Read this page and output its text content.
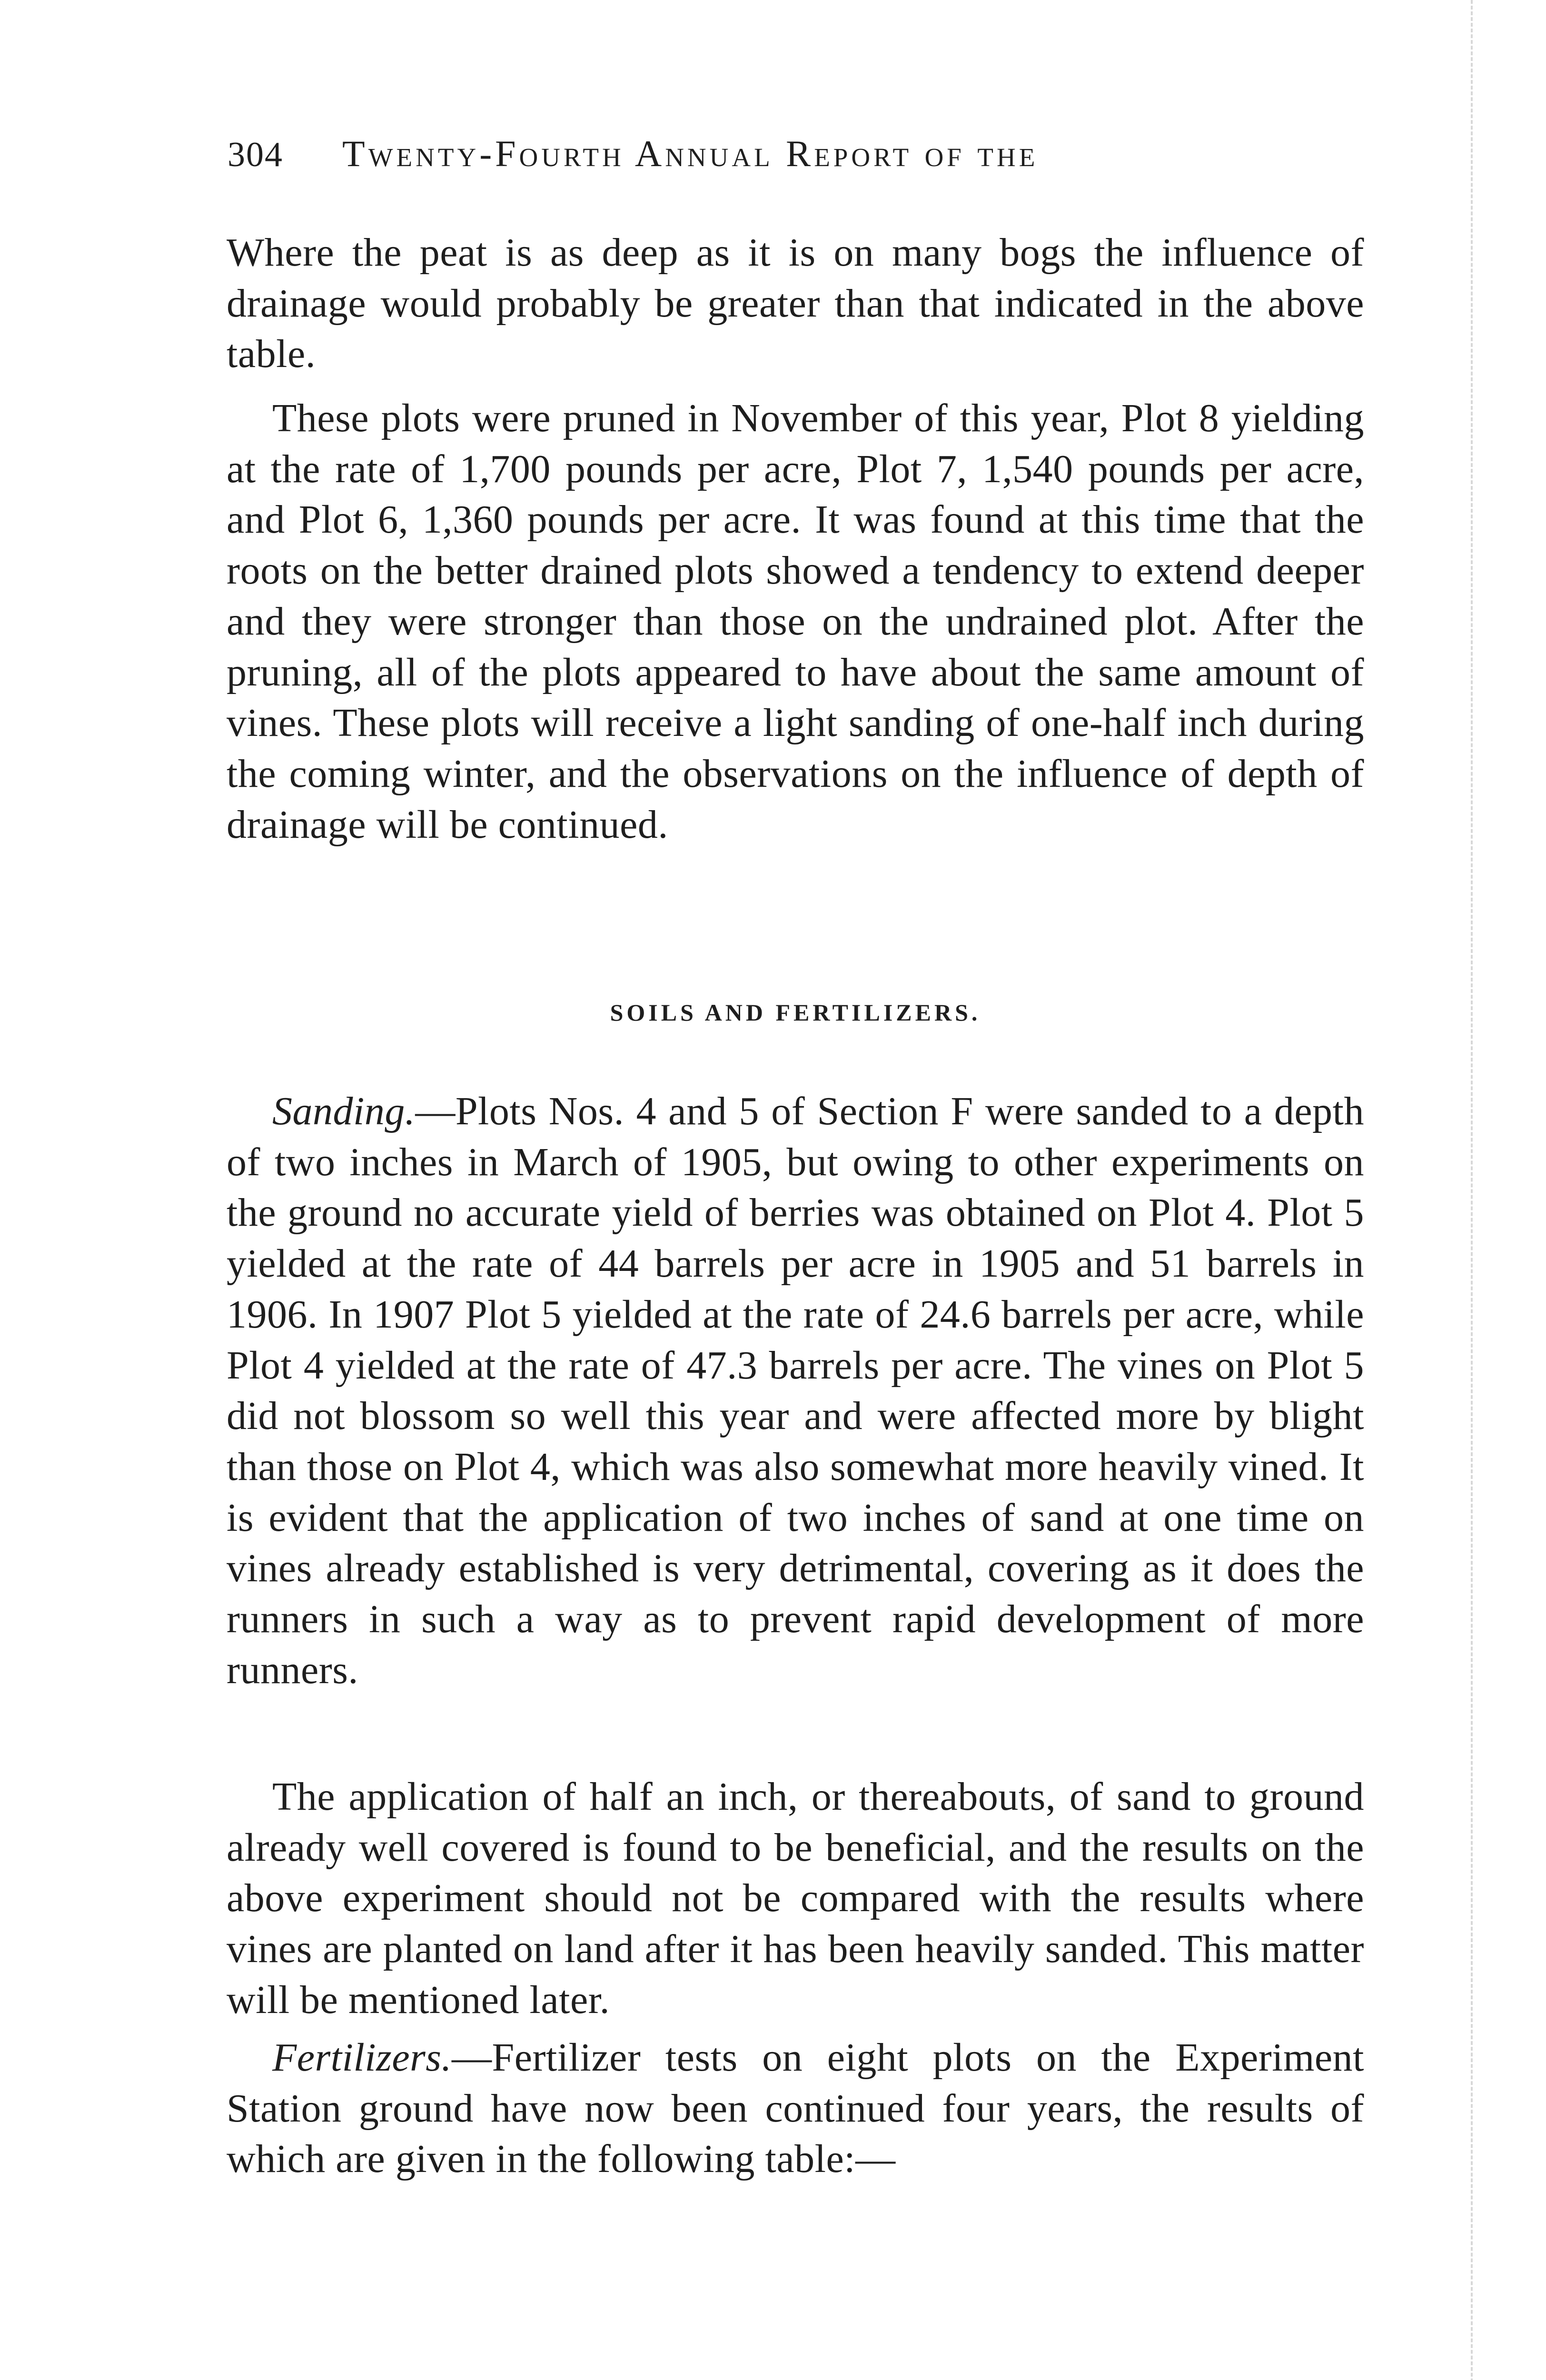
304 Twenty-Fourth Annual Report of the

Where the peat is as deep as it is on many bogs the influence of drainage would probably be greater than that indicated in the above table.

These plots were pruned in November of this year, Plot 8 yielding at the rate of 1,700 pounds per acre, Plot 7, 1,540 pounds per acre, and Plot 6, 1,360 pounds per acre. It was found at this time that the roots on the better drained plots showed a tendency to extend deeper and they were stronger than those on the undrained plot. After the pruning, all of the plots appeared to have about the same amount of vines. These plots will receive a light sanding of one-half inch during the coming winter, and the observations on the influence of depth of drainage will be continued.

SOILS AND FERTILIZERS.

Sanding.—Plots Nos. 4 and 5 of Section F were sanded to a depth of two inches in March of 1905, but owing to other experiments on the ground no accurate yield of berries was obtained on Plot 4. Plot 5 yielded at the rate of 44 barrels per acre in 1905 and 51 barrels in 1906. In 1907 Plot 5 yielded at the rate of 24.6 barrels per acre, while Plot 4 yielded at the rate of 47.3 barrels per acre. The vines on Plot 5 did not blossom so well this year and were affected more by blight than those on Plot 4, which was also somewhat more heavily vined. It is evident that the application of two inches of sand at one time on vines already established is very detrimental, covering as it does the runners in such a way as to prevent rapid development of more runners.

The application of half an inch, or thereabouts, of sand to ground already well covered is found to be beneficial, and the results on the above experiment should not be compared with the results where vines are planted on land after it has been heavily sanded. This matter will be mentioned later.

Fertilizers.—Fertilizer tests on eight plots on the Experiment Station ground have now been continued four years, the results of which are given in the following table:—
